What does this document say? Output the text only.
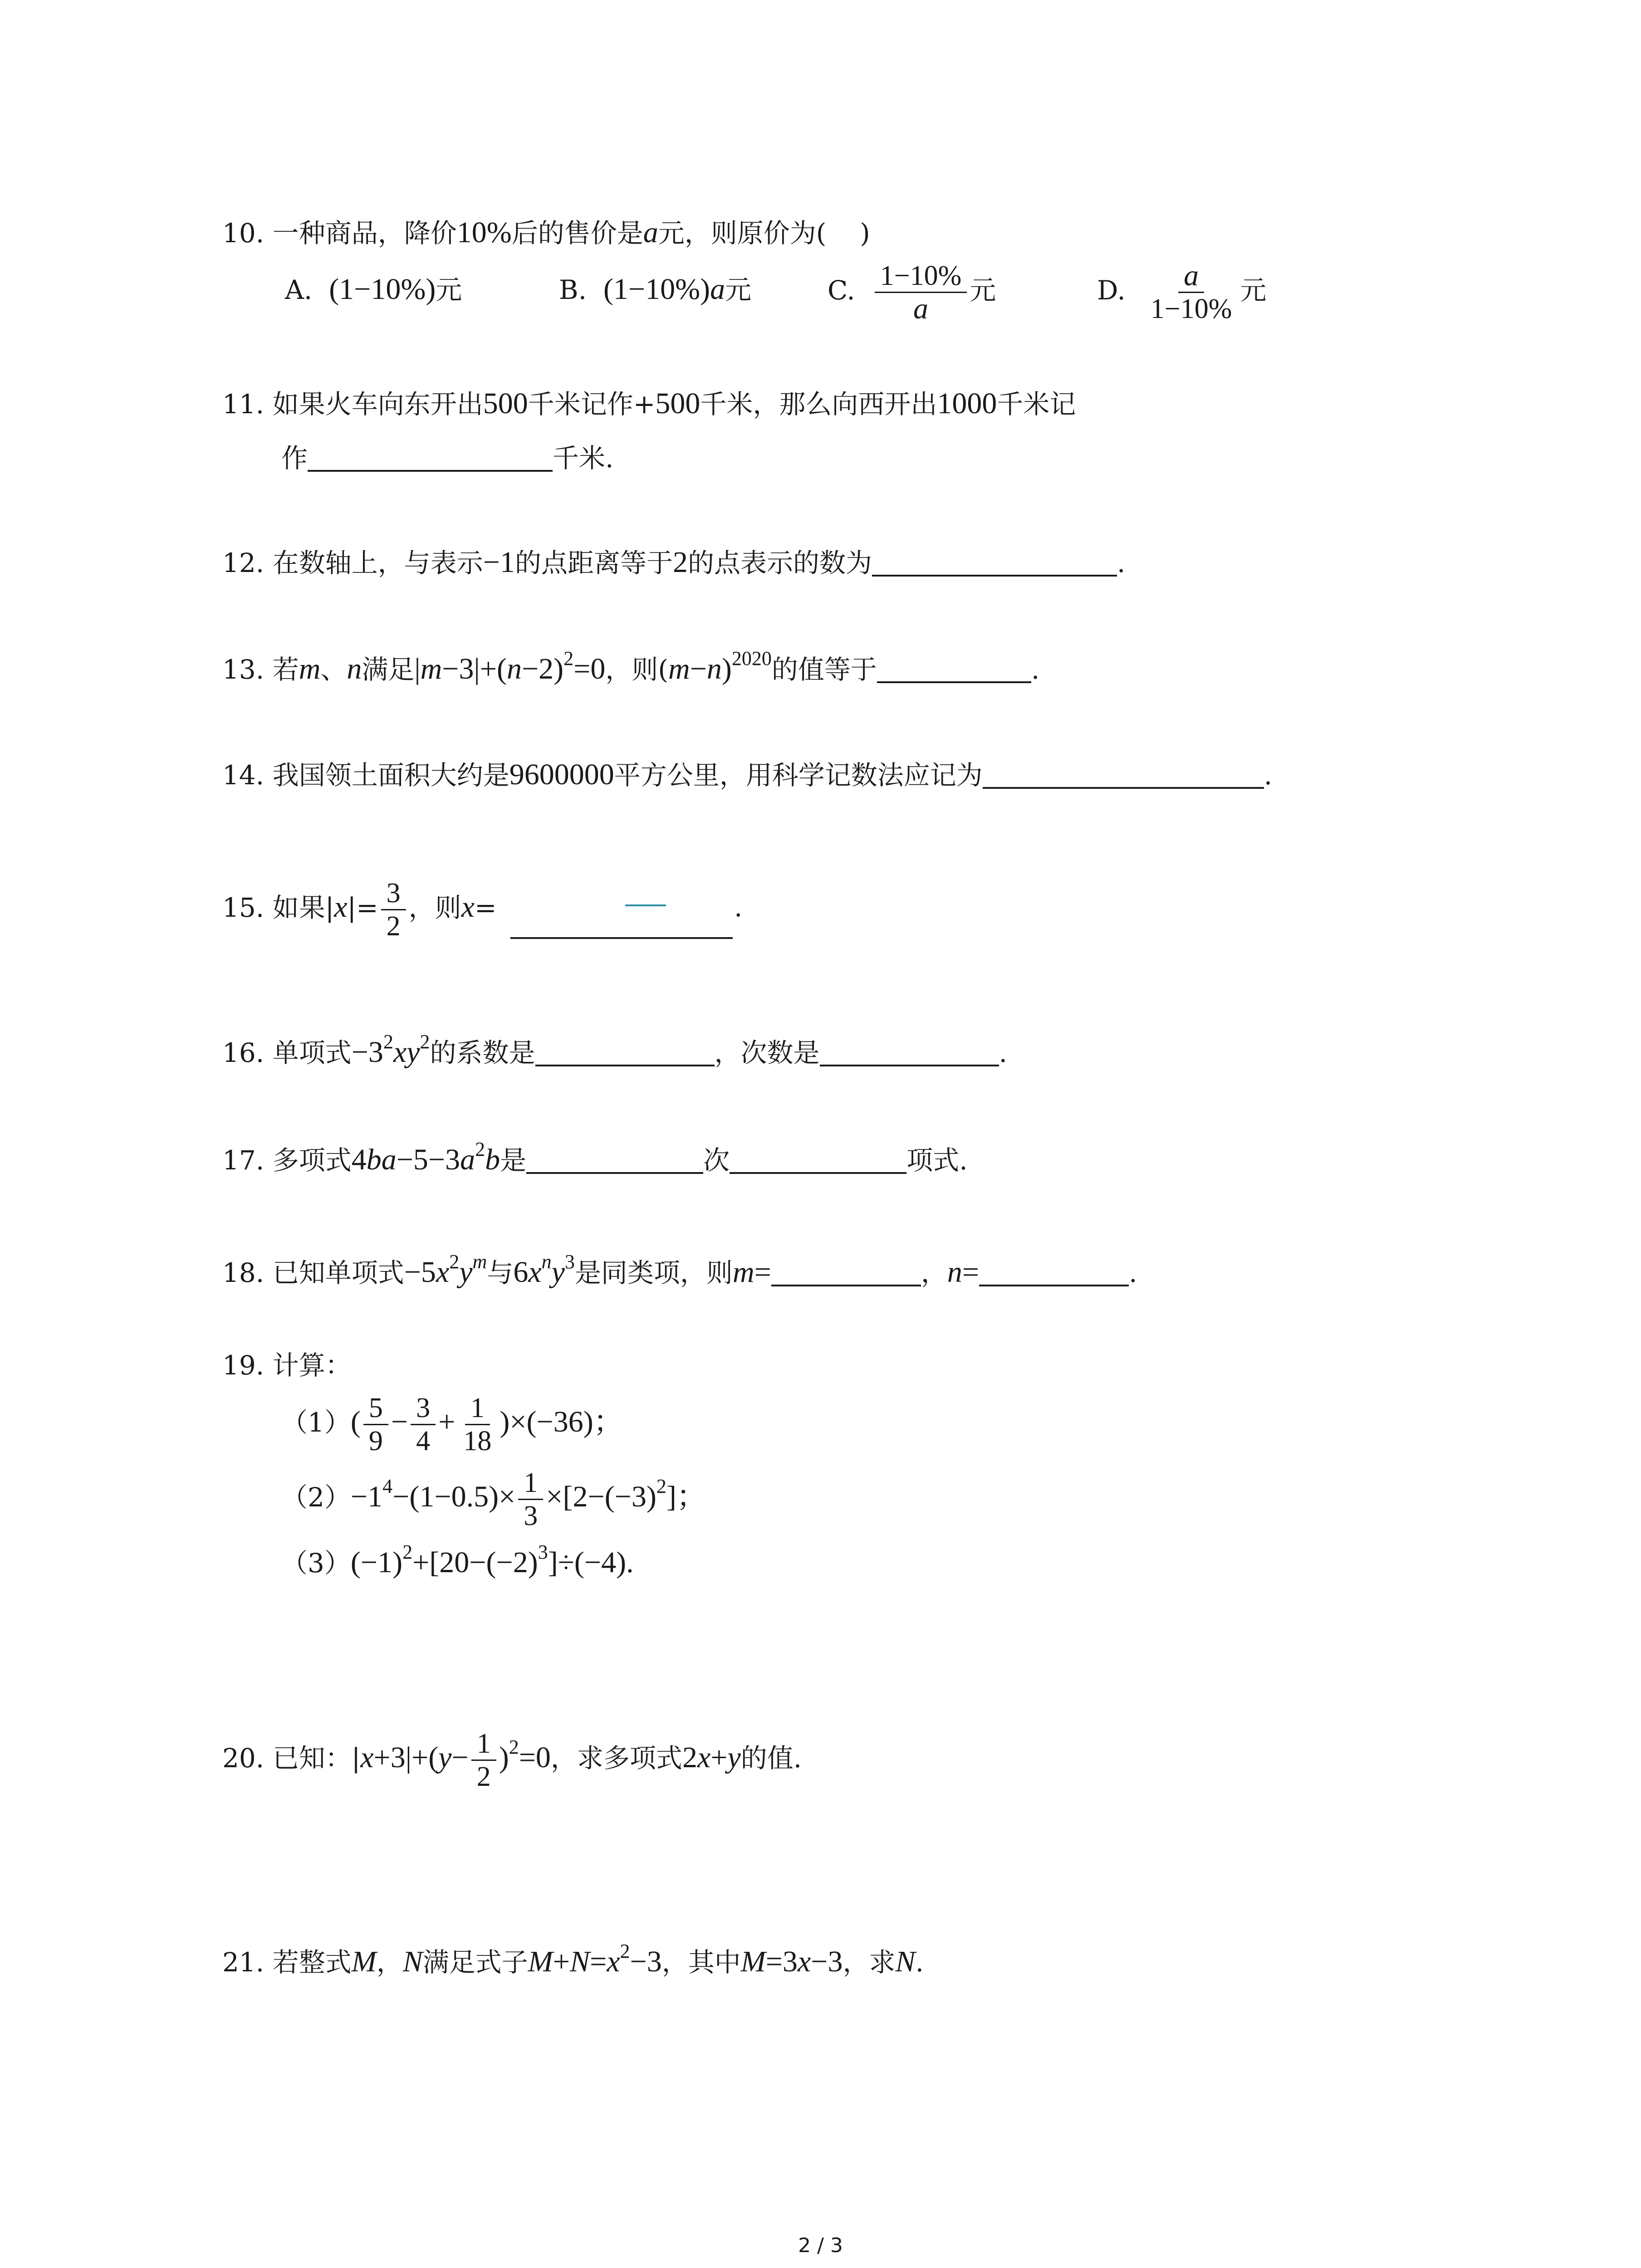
10. 一种商品，降价10%后的售价是a元，则原价为( )
A. (1−10%)元	B. (1−10%)a元	C. $\frac{1-10\%}{a}$ 元	D. $\frac{a}{1-10\%}$ 元
11. 如果火车向东开出500千米记作+500千米，那么向西开出1000千米记
作	千米.
12. 在数轴上，与表示−1的点距离等于2的点表示的数为	.
13. 若m、n满足$|m-3|+(n-2)^2=0$，则$(m-n)^{2020}$的值等于	.
14. 我国领土面积大约是9600000平方公里，用科学记数法应记为	.
15. 如果$|x|= \frac{3}{2}$ ，则x=	.
16. 单项式$-3^2xy^2$的系数是	，次数是	.
17. 多项式$4ba-5-3a^2b$是	次	项式.
18. 已知单项式$-5x^2y^m$与$6x^ny^3$是同类项，则m=	，n=	.
19. 计算：
$(1)( \frac{5}{9} - \frac{3}{4} + \frac{1}{18} )\times(-36)$；
$(2)-1^4-(1-0.5)\times \frac{1}{3} \times[2-(-3)^2]$；
$(3)(-1)^2+[20-(-2)^3]\div(-4)$.
20. 已知：$|x+3|+(y- \frac{1}{2} )^2=0$，求多项式2x+y的值.
21. 若整式M，N满足式子$M+N=x^2-3$，其中M=3x−3，求N.
2 / 3
